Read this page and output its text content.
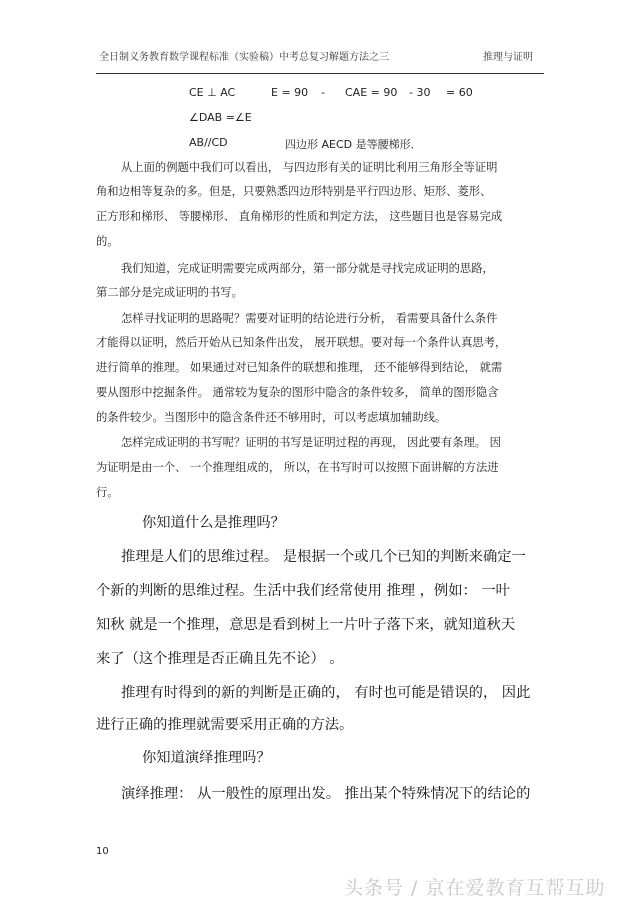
全日制义务教育数学课程标准（实验稿）中考总复习解题方法之三	推理与证明
CE ⊥ AC	E = 90 - CAE = 90 - 30 = 60
∠DAB =∠E
AB//CD	四边形 AECD 是等腰梯形．
从上面的例题中我们可以看出， 与四边形有关的证明比利用三角形全等证明
角和边相等复杂的多。但是，只要熟悉四边形特别是平行四边形、矩形、菱形、
正方形和梯形、 等腰梯形、 直角梯形的性质和判定方法， 这些题目也是容易完成
的。
我们知道，完成证明需要完成两部分，第一部分就是寻找完成证明的思路，
第二部分是完成证明的书写。
怎样寻找证明的思路呢？需要对证明的结论进行分析， 看需要具备什么条件
才能得以证明，然后开始从已知条件出发， 展开联想。要对每一个条件认真思考，
进行简单的推理。 如果通过对已知条件的联想和推理， 还不能够得到结论， 就需
要从图形中挖掘条件。 通常较为复杂的图形中隐含的条件较多， 简单的图形隐含
的条件较少。当图形中的隐含条件还不够用时，可以考虑填加辅助线。
怎样完成证明的书写呢？证明的书写是证明过程的再现， 因此要有条理。 因
为证明是由一个、 一个推理组成的， 所以，在书写时可以按照下面讲解的方法进
行。
你知道什么是推理吗？
推理是人们的思维过程。 是根据一个或几个已知的判断来确定一
个新的判断的思维过程。生活中我们经常使用 推理 ，例如： 一叶
知秋 就是一个推理，意思是看到树上一片叶子落下来，就知道秋天
来了（这个推理是否正确且先不论） 。
推理有时得到的新的判断是正确的， 有时也可能是错误的， 因此
进行正确的推理就需要采用正确的方法。
你知道演绎推理吗？
演绎推理： 从一般性的原理出发。 推出某个特殊情况下的结论的
10
头条号 / 京在爱教育互帮互助
